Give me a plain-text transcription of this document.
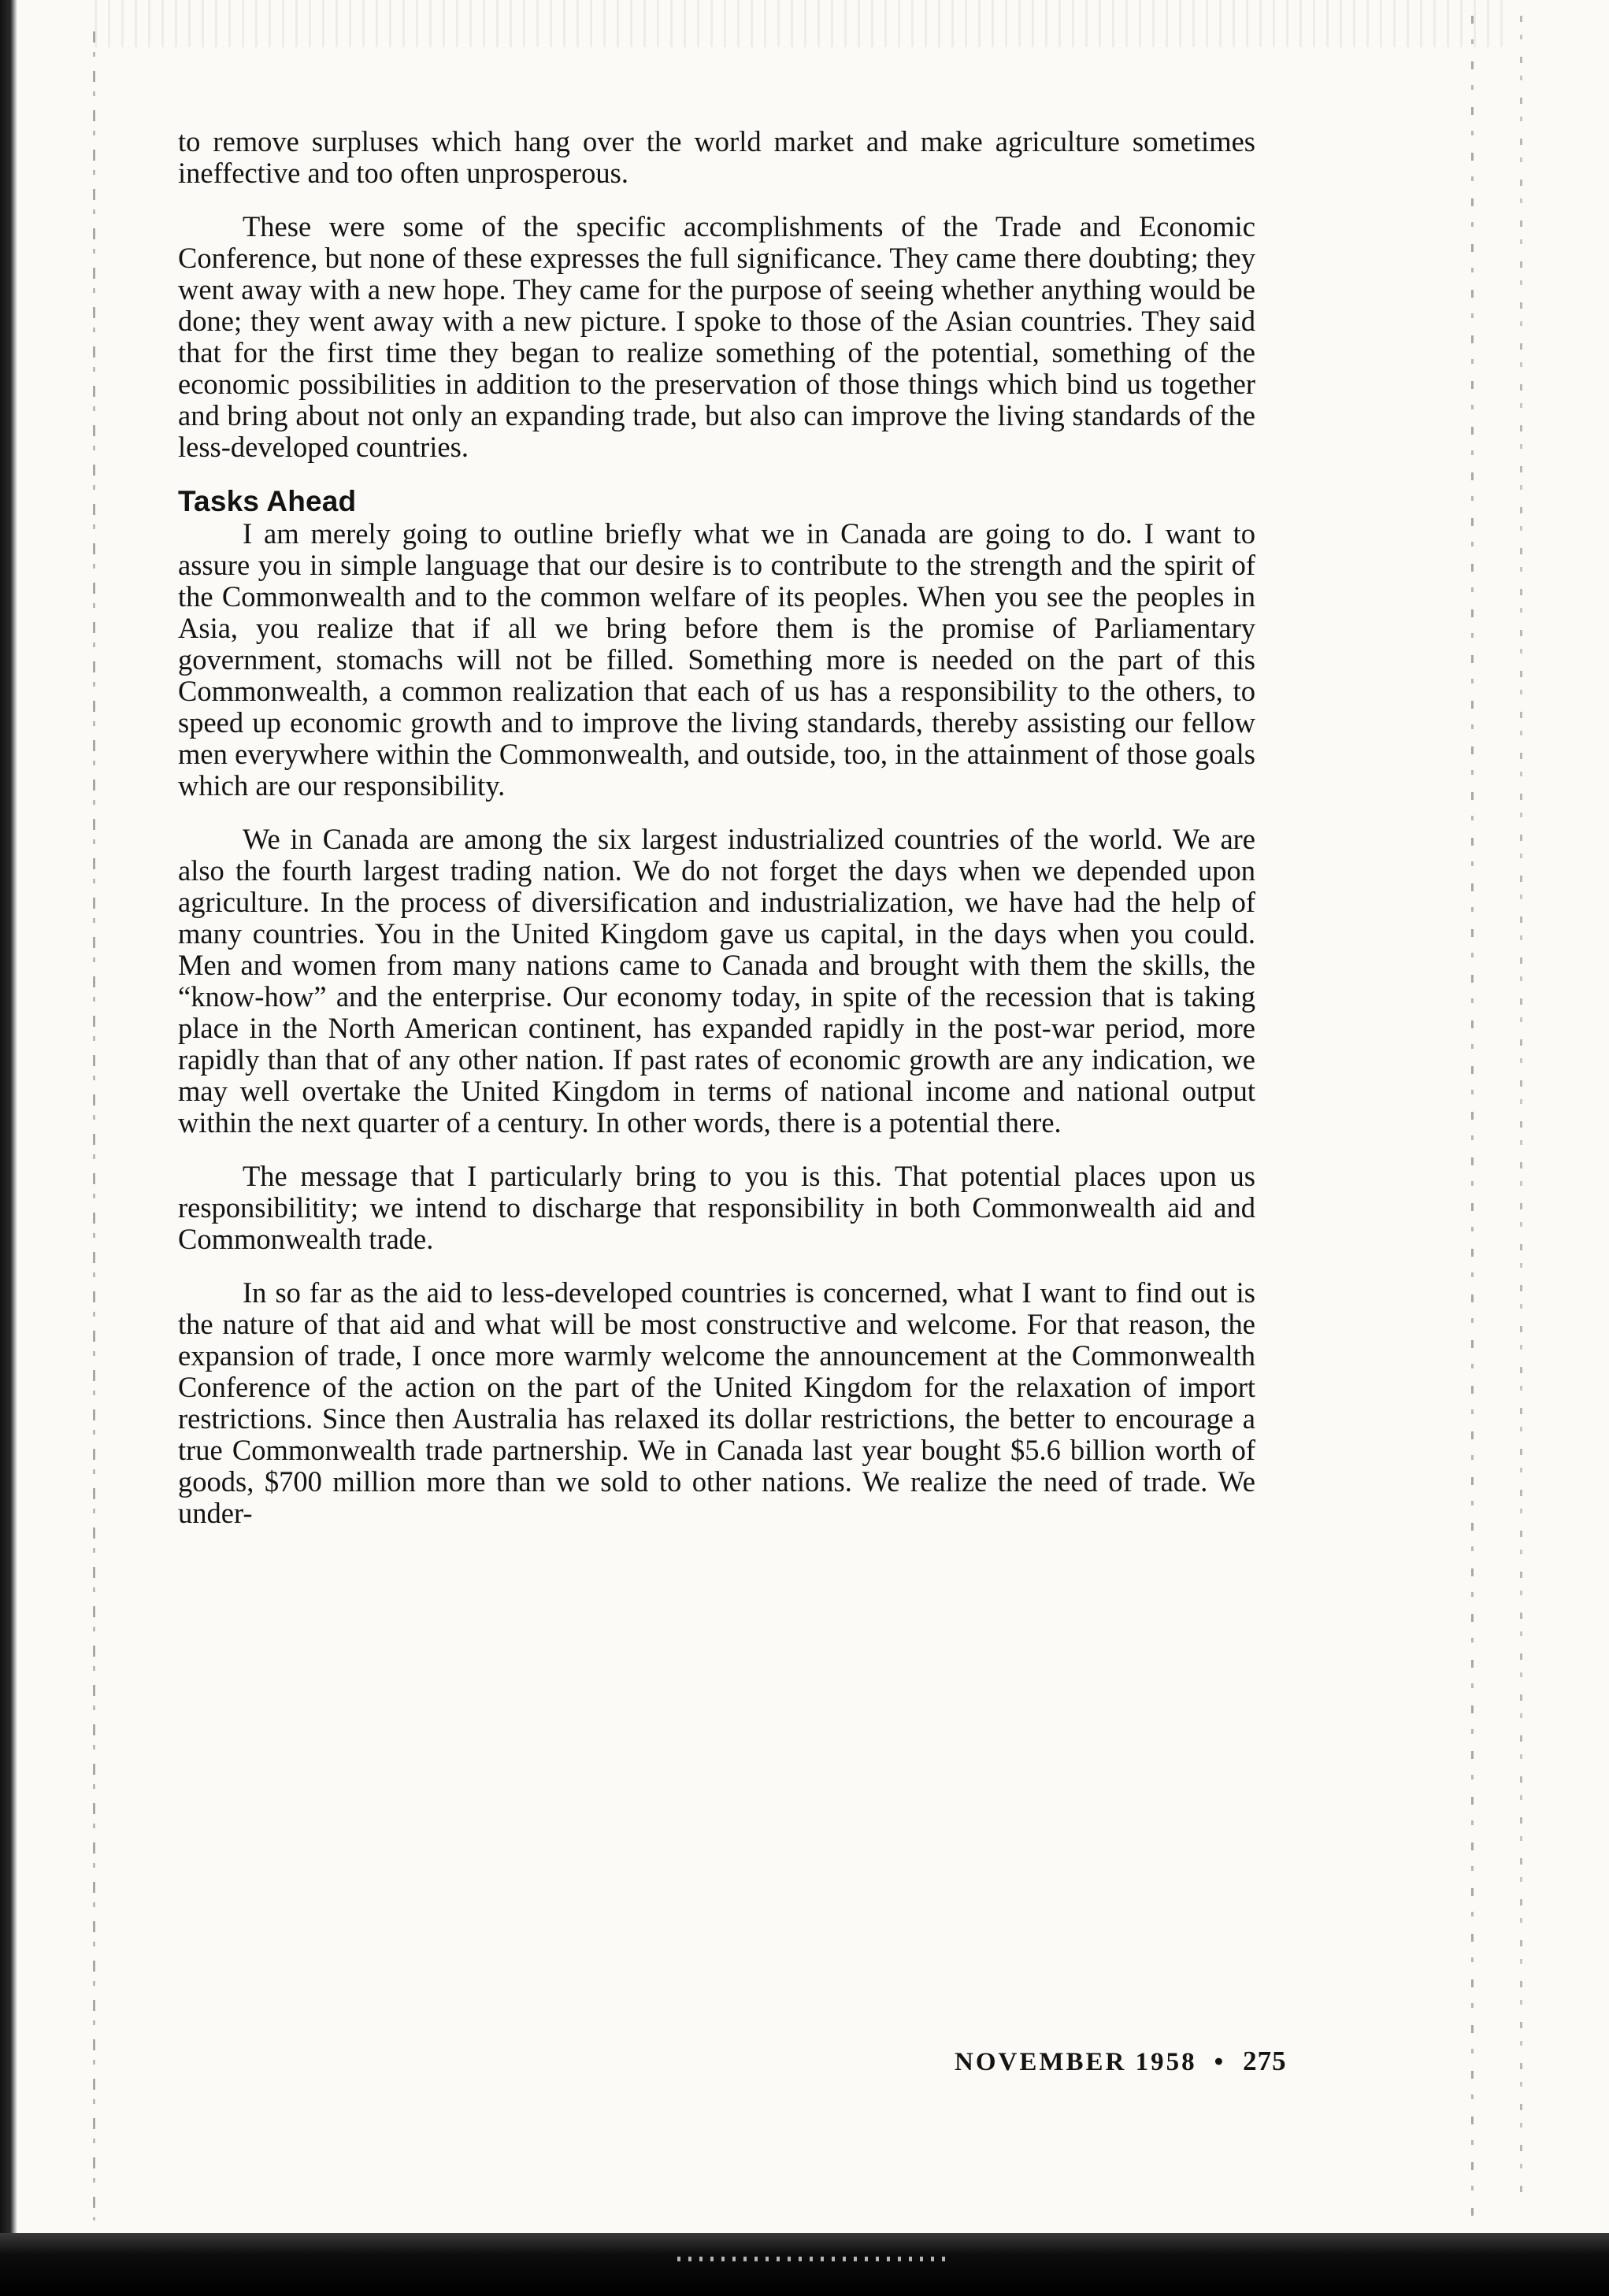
to remove surpluses which hang over the world market and make agriculture sometimes ineffective and too often unprosperous.

These were some of the specific accomplishments of the Trade and Economic Conference, but none of these expresses the full significance. They came there doubting; they went away with a new hope. They came for the purpose of seeing whether anything would be done; they went away with a new picture. I spoke to those of the Asian countries. They said that for the first time they began to realize something of the potential, something of the economic possibilities in addition to the preservation of those things which bind us together and bring about not only an expanding trade, but also can improve the living standards of the less-developed countries.

Tasks Ahead

I am merely going to outline briefly what we in Canada are going to do. I want to assure you in simple language that our desire is to contribute to the strength and the spirit of the Commonwealth and to the common welfare of its peoples. When you see the peoples in Asia, you realize that if all we bring before them is the promise of Parliamentary government, stomachs will not be filled. Something more is needed on the part of this Commonwealth, a common realization that each of us has a responsibility to the others, to speed up economic growth and to improve the living standards, thereby assisting our fellow men everywhere within the Commonwealth, and outside, too, in the attainment of those goals which are our responsibility.

We in Canada are among the six largest industrialized countries of the world. We are also the fourth largest trading nation. We do not forget the days when we depended upon agriculture. In the process of diversification and industrialization, we have had the help of many countries. You in the United Kingdom gave us capital, in the days when you could. Men and women from many nations came to Canada and brought with them the skills, the “know-how” and the enterprise. Our economy today, in spite of the recession that is taking place in the North American continent, has expanded rapidly in the post-war period, more rapidly than that of any other nation. If past rates of economic growth are any indication, we may well overtake the United Kingdom in terms of national income and national output within the next quarter of a century. In other words, there is a potential there.

The message that I particularly bring to you is this. That potential places upon us responsibilitity; we intend to discharge that responsibility in both Commonwealth aid and Commonwealth trade.

In so far as the aid to less-developed countries is concerned, what I want to find out is the nature of that aid and what will be most constructive and welcome. For that reason, the expansion of trade, I once more warmly welcome the announcement at the Commonwealth Conference of the action on the part of the United Kingdom for the relaxation of import restrictions. Since then Australia has relaxed its dollar restrictions, the better to encourage a true Commonwealth trade partnership. We in Canada last year bought $5.6 billion worth of goods, $700 million more than we sold to other nations. We realize the need of trade. We under-

NOVEMBER 1958 • 275
